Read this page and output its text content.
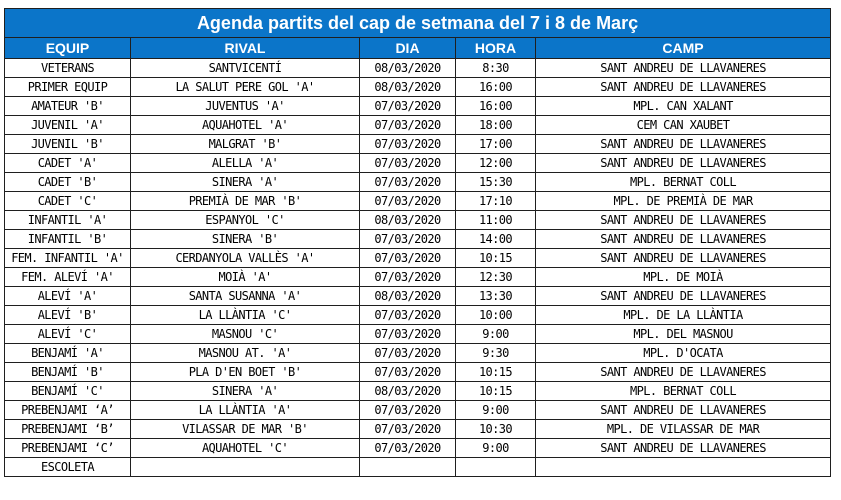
Agenda partits del cap de setmana del 7 i 8 de Març				
EQUIP	RIVAL	DIA	HORA	CAMP
VETERANS	SANTVICENTÍ	08/03/2020	8:30	SANT ANDREU DE LLAVANERES
PRIMER EQUIP	LA SALUT PERE GOL 'A'	08/03/2020	16:00	SANT ANDREU DE LLAVANERES
AMATEUR 'B'	JUVENTUS 'A'	07/03/2020	16:00	MPL. CAN XALANT
JUVENIL 'A'	AQUAHOTEL 'A'	07/03/2020	18:00	CEM CAN XAUBET
JUVENIL 'B'	MALGRAT 'B'	07/03/2020	17:00	SANT ANDREU DE LLAVANERES
CADET 'A'	ALELLA 'A'	07/03/2020	12:00	SANT ANDREU DE LLAVANERES
CADET 'B'	SINERA 'A'	07/03/2020	15:30	MPL. BERNAT COLL
CADET 'C'	PREMIÀ DE MAR 'B'	07/03/2020	17:10	MPL. DE PREMIÀ DE MAR
INFANTIL 'A'	ESPANYOL 'C'	08/03/2020	11:00	SANT ANDREU DE LLAVANERES
INFANTIL 'B'	SINERA 'B'	07/03/2020	14:00	SANT ANDREU DE LLAVANERES
FEM. INFANTIL 'A'	CERDANYOLA VALLÈS 'A'	07/03/2020	10:15	SANT ANDREU DE LLAVANERES
FEM. ALEVÍ 'A'	MOIÀ 'A'	07/03/2020	12:30	MPL. DE MOIÀ
ALEVÍ 'A'	SANTA SUSANNA 'A'	08/03/2020	13:30	SANT ANDREU DE LLAVANERES
ALEVÍ 'B'	LA LLÀNTIA 'C'	07/03/2020	10:00	MPL. DE LA LLÀNTIA
ALEVÍ 'C'	MASNOU 'C'	07/03/2020	9:00	MPL. DEL MASNOU
BENJAMÍ 'A'	MASNOU AT. 'A'	07/03/2020	9:30	MPL. D'OCATA
BENJAMÍ 'B'	PLA D'EN BOET 'B'	07/03/2020	10:15	SANT ANDREU DE LLAVANERES
BENJAMÍ 'C'	SINERA 'A'	08/03/2020	10:15	MPL. BERNAT COLL
PREBENJAMI ‘A’	LA LLÀNTIA 'A'	07/03/2020	9:00	SANT ANDREU DE LLAVANERES
PREBENJAMI ‘B’	VILASSAR DE MAR 'B'	07/03/2020	10:30	MPL. DE VILASSAR DE MAR
PREBENJAMI ‘C’	AQUAHOTEL 'C'	07/03/2020	9:00	SANT ANDREU DE LLAVANERES
ESCOLETA				
